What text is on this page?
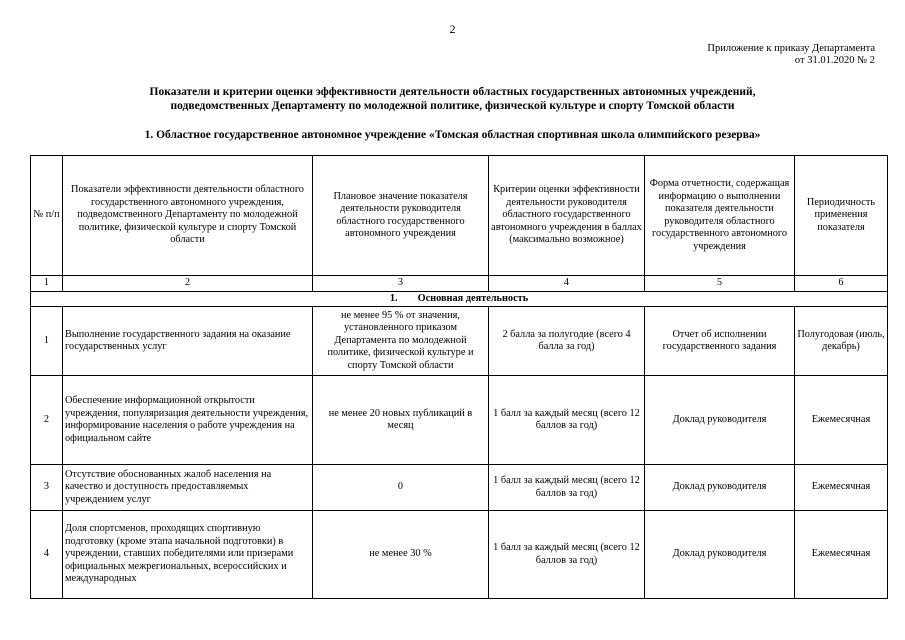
2
Приложение к приказу Департамента
от 31.01.2020 № 2
Показатели и критерии оценки эффективности деятельности областных государственных автономных учреждений,
подведомственных Департаменту по молодежной политике, физической культуре и спорту Томской области
1. Областное государственное автономное учреждение «Томская областная спортивная школа олимпийского резерва»
№ п/п	Показатели эффективности деятельности областного государственного автономного учреждения, подведомственного Департаменту по молодежной политике, физической культуре и спорту Томской области	Плановое значение показателя деятельности руководителя областного государственного автономного учреждения	Критерии оценки эффективности деятельности руководителя областного государственного автономного учреждения в баллах (максимально возможное)	Форма отчетности, содержащая информацию о выполнении показателя деятельности руководителя областного государственного автономного учреждения	Периодичность применения показателя
1	2	3	4	5	6
1. Основная деятельность					
1	Выполнение государственного задания на оказание государственных услуг	не менее 95 % от значения, установленного приказом Департамента по молодежной политике, физической культуре и спорту Томской области	2 балла за полугодие (всего 4 балла за год)	Отчет об исполнении государственного задания	Полугодовая (июль, декабрь)
2	Обеспечение информационной открытости учреждения, популяризация деятельности учреждения, информирование населения о работе учреждения на официальном сайте	не менее 20 новых публикаций в месяц	1 балл за каждый месяц (всего 12 баллов за год)	Доклад руководителя	Ежемесячная
3	Отсутствие обоснованных жалоб населения на качество и доступность предоставляемых учреждением услуг	0	1 балл за каждый месяц (всего 12 баллов за год)	Доклад руководителя	Ежемесячная
4	Доля спортсменов, проходящих спортивную подготовку (кроме этапа начальной подготовки) в учреждении, ставших победителями или призерами официальных межрегиональных, всероссийских и международных	не менее 30 %	1 балл за каждый месяц (всего 12 баллов за год)	Доклад руководителя	Ежемесячная
